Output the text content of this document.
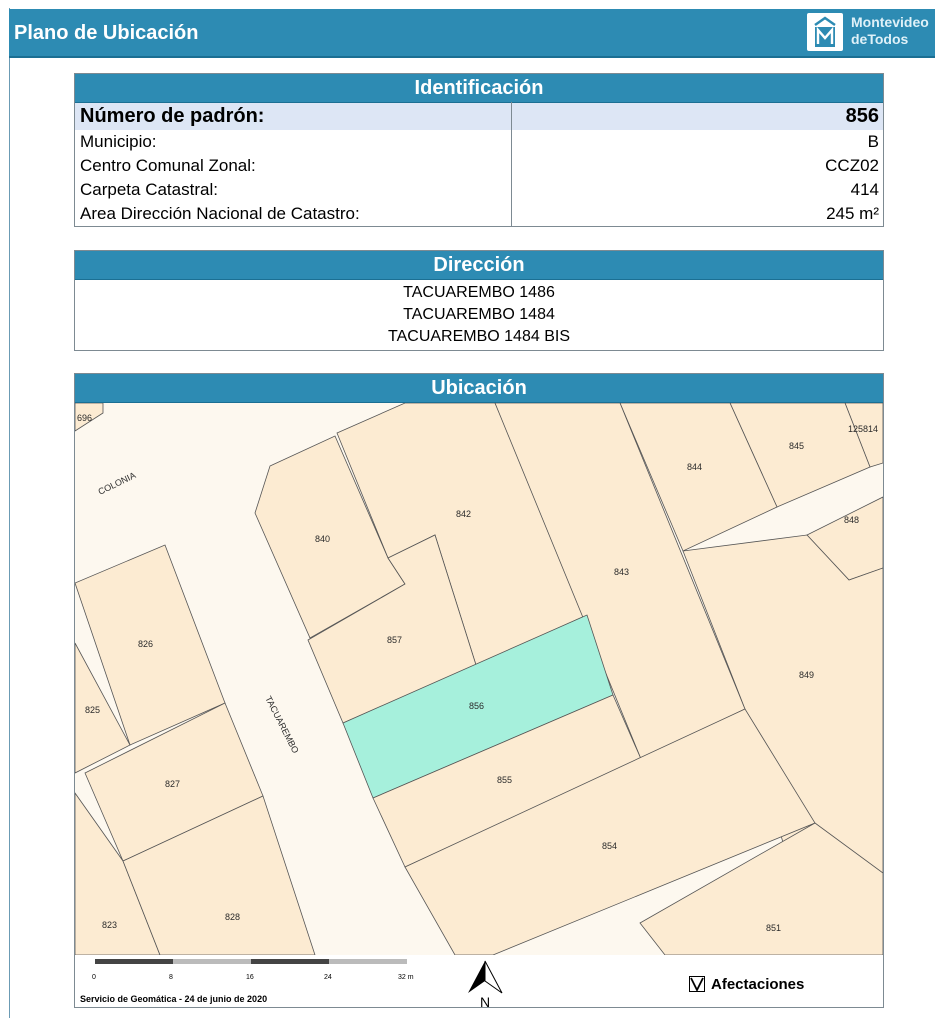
Plano de Ubicación	Montevideo
deTodos
Identificación
Número de padrón:	856
Municipio:	B
Centro Comunal Zonal:	CCZ02
Carpeta Catastral:	414
Area Dirección Nacional de Catastro:	245 m²
Dirección
TACUAREMBO 1486
TACUAREMBO 1484
TACUAREMBO 1484 BIS
Ubicación
696
125814
845
844
848
842
840
843
826	857
849
856
825
827	855
854
823
828
851
COLONIA
TACUAREMBO
0	8	16	24	32 m
N
Servicio de Geomática - 24 de junio de 2020
Afectaciones
